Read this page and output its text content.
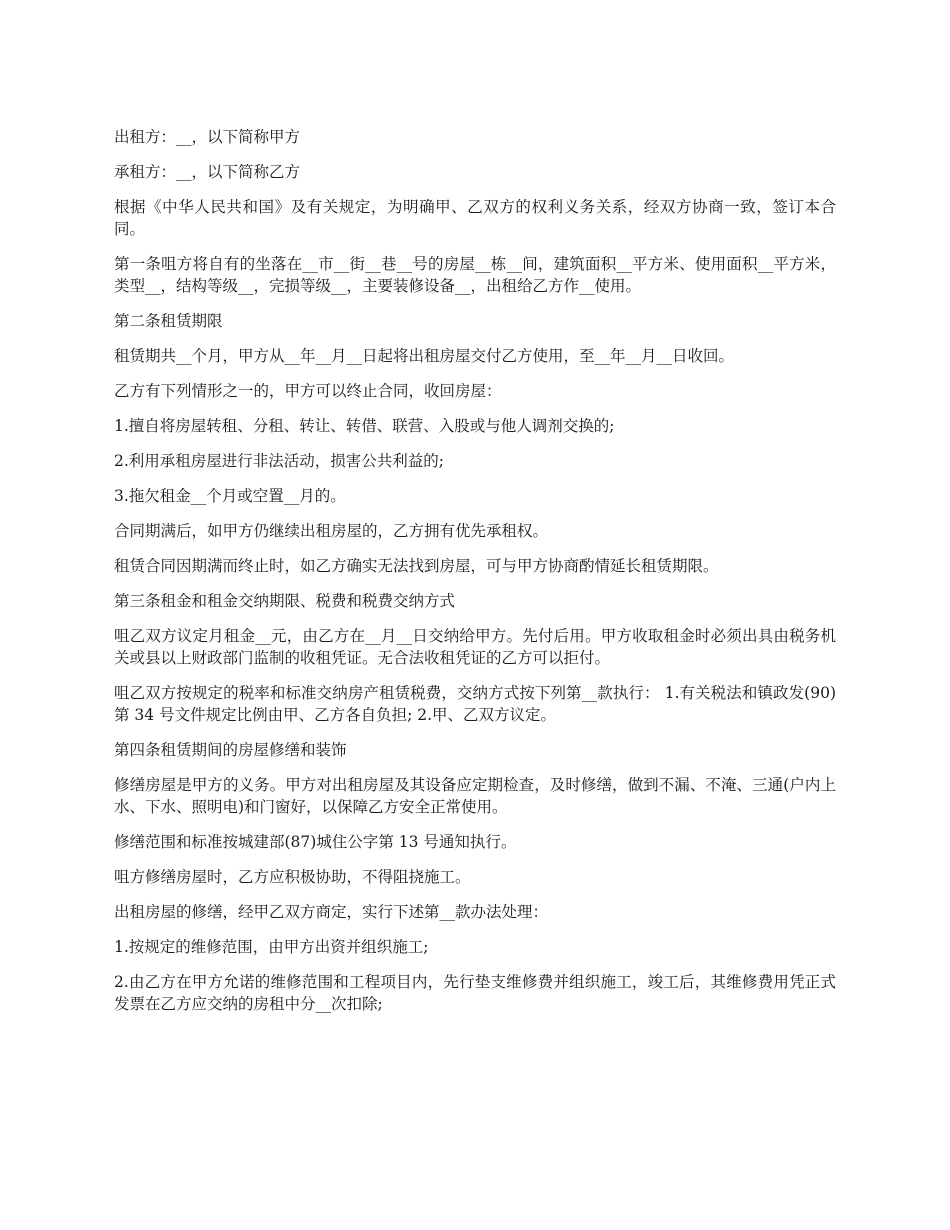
出租方：__，以下简称甲方

承租方：__，以下简称乙方

根据《中华人民共和国》及有关规定，为明确甲、乙双方的权利义务关系，经双方协商一致，签订本合同。

第一条咀方将自有的坐落在__市__街__巷__号的房屋__栋__间，建筑面积__平方米、使用面积__平方米，类型__，结构等级__，完损等级__，主要装修设备__，出租给乙方作__使用。

第二条租赁期限

租赁期共__个月，甲方从__年__月__日起将出租房屋交付乙方使用，至__年__月__日收回。

乙方有下列情形之一的，甲方可以终止合同，收回房屋：

1.擅自将房屋转租、分租、转让、转借、联营、入股或与他人调剂交换的;

2.利用承租房屋进行非法活动，损害公共利益的;

3.拖欠租金__个月或空置__月的。

合同期满后，如甲方仍继续出租房屋的，乙方拥有优先承租权。

租赁合同因期满而终止时，如乙方确实无法找到房屋，可与甲方协商酌情延长租赁期限。

第三条租金和租金交纳期限、税费和税费交纳方式

咀乙双方议定月租金__元，由乙方在__月__日交纳给甲方。先付后用。甲方收取租金时必须出具由税务机关或县以上财政部门监制的收租凭证。无合法收租凭证的乙方可以拒付。

咀乙双方按规定的税率和标准交纳房产租赁税费，交纳方式按下列第__款执行： 1.有关税法和镇政发(90)第 34 号文件规定比例由甲、乙方各自负担; 2.甲、乙双方议定。

第四条租赁期间的房屋修缮和装饰

修缮房屋是甲方的义务。甲方对出租房屋及其设备应定期检查，及时修缮，做到不漏、不淹、三通(户内上水、下水、照明电)和门窗好，以保障乙方安全正常使用。

修缮范围和标准按城建部(87)城住公字第 13 号通知执行。

咀方修缮房屋时，乙方应积极协助，不得阻挠施工。

出租房屋的修缮，经甲乙双方商定，实行下述第__款办法处理：

1.按规定的维修范围，由甲方出资并组织施工;

2.由乙方在甲方允诺的维修范围和工程项目内，先行垫支维修费并组织施工，竣工后，其维修费用凭正式发票在乙方应交纳的房租中分__次扣除;
